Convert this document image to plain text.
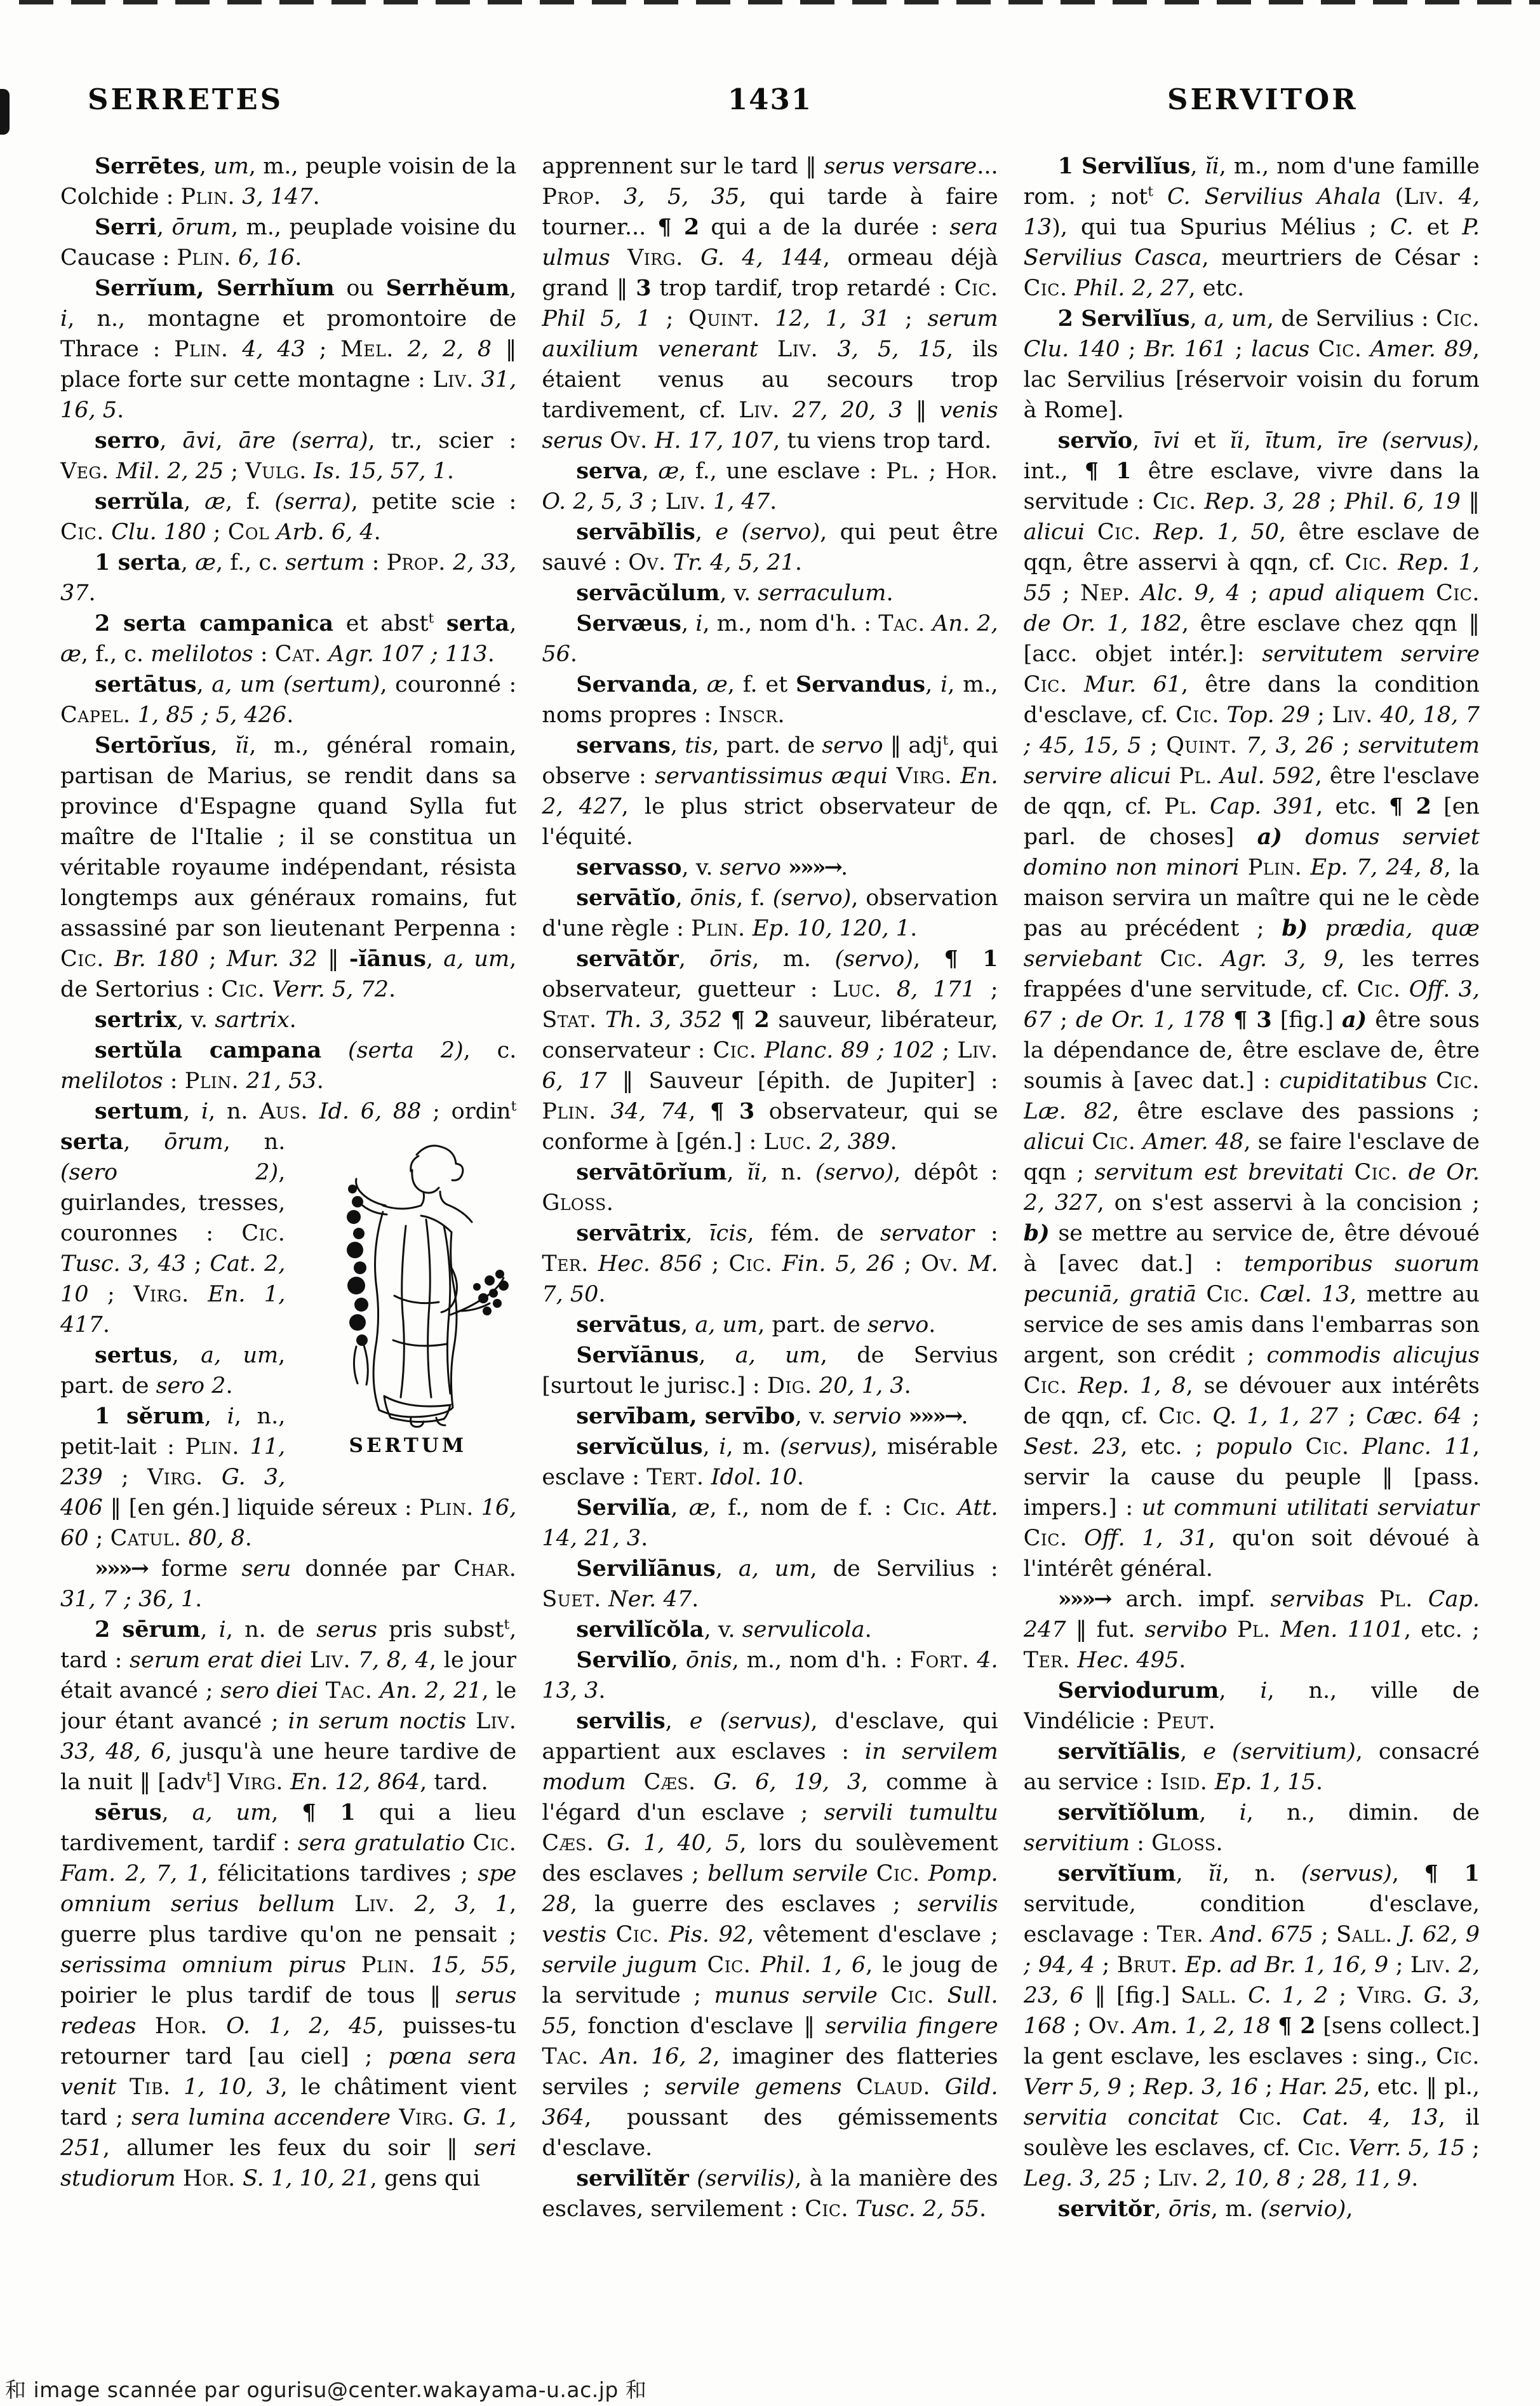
SERRETES	1431	SERVITOR

Serrētes, um, m., peuple voisin de la Colchide : Plin. 3, 147.

Serri, ōrum, m., peuplade voisine du Caucase : Plin. 6, 16.

Serrĭum, Serrhĭum ou Serrhĕum, i, n., montagne et promontoire de Thrace : Plin. 4, 43 ; Mel. 2, 2, 8 ‖ place forte sur cette montagne : Liv. 31, 16, 5.

serro, āvi, āre (serra), tr., scier : Veg. Mil. 2, 25 ; Vulg. Is. 15, 57, 1.

serrŭla, æ, f. (serra), petite scie : Cic. Clu. 180 ; Col Arb. 6, 4.

1 serta, æ, f., c. sertum : Prop. 2, 33, 37.

2 serta campanica et abst$^t$ serta, æ, f., c. melilotos : Cat. Agr. 107 ; 113.

sertātus, a, um (sertum), couronné : Capel. 1, 85 ; 5, 426.

Sertōrĭus, ĭi, m., général romain, partisan de Marius, se rendit dans sa province d'Espagne quand Sylla fut maître de l'Italie ; il se constitua un véritable royaume indépendant, résista longtemps aux généraux romains, fut assassiné par son lieutenant Perpenna : Cic. Br. 180 ; Mur. 32 ‖ -ĭānus, a, um, de Sertorius : Cic. Verr. 5, 72.

sertrix, v. sartrix.

sertŭla campana (serta 2), c. melilotos : Plin. 21, 53.

sertum, i, n. Aus. Id. 6, 88 ;
SERTUM
ordin$^t$ serta, ōrum, n. (sero 2), guirlandes, tresses, couronnes : Cic. Tusc. 3, 43 ; Cat. 2, 10 ; Virg. En. 1, 417.

sertus, a, um, part. de sero 2.

1 sĕrum, i, n., petit-lait : Plin. 11, 239 ; Virg. G. 3, 406 ‖ [en gén.] liquide séreux : Plin. 16, 60 ; Catul. 80, 8.

»»»→ forme seru donnée par Char. 31, 7 ; 36, 1.

2 sērum, i, n. de serus pris subst$^t$, tard : serum erat diei Liv. 7, 8, 4, le jour était avancé ; sero diei Tac. An. 2, 21, le jour étant avancé ; in serum noctis Liv. 33, 48, 6, jusqu'à une heure tardive de la nuit ‖ [adv$^t$] Virg. En. 12, 864, tard.

sērus, a, um, ¶ 1 qui a lieu tardivement, tardif : sera gratulatio Cic. Fam. 2, 7, 1, félicitations tardives ; spe omnium serius bellum Liv. 2, 3, 1, guerre plus tardive qu'on ne pensait ; serissima omnium pirus Plin. 15, 55, poirier le plus tardif de tous ‖ serus redeas Hor. O. 1, 2, 45, puisses-tu retourner tard [au ciel] ; pœna sera venit Tib. 1, 10, 3, le châtiment vient tard ; sera lumina accendere Virg. G. 1, 251, allumer les feux du soir ‖ seri studiorum Hor. S. 1, 10, 21, gens qui

apprennent sur le tard ‖ serus versare... Prop. 3, 5, 35, qui tarde à faire tourner... ¶ 2 qui a de la durée : sera ulmus Virg. G. 4, 144, ormeau déjà grand ‖ 3 trop tardif, trop retardé : Cic. Phil 5, 1 ; Quint. 12, 1, 31 ; serum auxilium venerant Liv. 3, 5, 15, ils étaient venus au secours trop tardivement, cf. Liv. 27, 20, 3 ‖ venis serus Ov. H. 17, 107, tu viens trop tard.

serva, æ, f., une esclave : Pl. ; Hor. O. 2, 5, 3 ; Liv. 1, 47.

servābĭlis, e (servo), qui peut être sauvé : Ov. Tr. 4, 5, 21.

servācŭlum, v. serraculum.

Servæus, i, m., nom d'h. : Tac. An. 2, 56.

Servanda, æ, f. et Servandus, i, m., noms propres : Inscr.

servans, tis, part. de servo ‖ adj$^t$, qui observe : servantissimus æqui Virg. En. 2, 427, le plus strict observateur de l'équité.

servasso, v. servo »»»→.

servātĭo, ōnis, f. (servo), observation d'une règle : Plin. Ep. 10, 120, 1.

servātŏr, ōris, m. (servo), ¶ 1 observateur, guetteur : Luc. 8, 171 ; Stat. Th. 3, 352 ¶ 2 sauveur, libérateur, conservateur : Cic. Planc. 89 ; 102 ; Liv. 6, 17 ‖ Sauveur [épith. de Jupiter] : Plin. 34, 74, ¶ 3 observateur, qui se conforme à [gén.] : Luc. 2, 389.

servātōrĭum, ĭi, n. (servo), dépôt : Gloss.

servātrix, īcis, fém. de servator : Ter. Hec. 856 ; Cic. Fin. 5, 26 ; Ov. M. 7, 50.

servātus, a, um, part. de servo.

Servĭānus, a, um, de Servius [surtout le jurisc.] : Dig. 20, 1, 3.

servībam, servībo, v. servio »»»→.

servĭcŭlus, i, m. (servus), misérable esclave : Tert. Idol. 10.

Servilĭa, æ, f., nom de f. : Cic. Att. 14, 21, 3.

Servilĭānus, a, um, de Servilius : Suet. Ner. 47.

servilĭcŏla, v. servulicola.

Servilĭo, ōnis, m., nom d'h. : Fort. 4. 13, 3.

servilis, e (servus), d'esclave, qui appartient aux esclaves : in servilem modum Cæs. G. 6, 19, 3, comme à l'égard d'un esclave ; servili tumultu Cæs. G. 1, 40, 5, lors du soulèvement des esclaves ; bellum servile Cic. Pomp. 28, la guerre des esclaves ; servilis vestis Cic. Pis. 92, vêtement d'esclave ; servile jugum Cic. Phil. 1, 6, le joug de la servitude ; munus servile Cic. Sull. 55, fonction d'esclave ‖ servilia fingere Tac. An. 16, 2, imaginer des flatteries serviles ; servile gemens Claud. Gild. 364, poussant des gémissements d'esclave.

servilĭtĕr (servilis), à la manière des esclaves, servilement : Cic. Tusc. 2, 55.

1 Servilĭus, ĭi, m., nom d'une famille rom. ; not$^t$ C. Servilius Ahala (Liv. 4, 13), qui tua Spurius Mélius ; C. et P. Servilius Casca, meurtriers de César : Cic. Phil. 2, 27, etc.

2 Servilĭus, a, um, de Servilius : Cic. Clu. 140 ; Br. 161 ; lacus Cic. Amer. 89, lac Servilius [réservoir voisin du forum à Rome].

servĭo, īvi et ĭi, ītum, īre (servus), int., ¶ 1 être esclave, vivre dans la servitude : Cic. Rep. 3, 28 ; Phil. 6, 19 ‖ alicui Cic. Rep. 1, 50, être esclave de qqn, être asservi à qqn, cf. Cic. Rep. 1, 55 ; Nep. Alc. 9, 4 ; apud aliquem Cic. de Or. 1, 182, être esclave chez qqn ‖ [acc. objet intér.]: servitutem servire Cic. Mur. 61, être dans la condition d'esclave, cf. Cic. Top. 29 ; Liv. 40, 18, 7 ; 45, 15, 5 ; Quint. 7, 3, 26 ; servitutem servire alicui Pl. Aul. 592, être l'esclave de qqn, cf. Pl. Cap. 391, etc. ¶ 2 [en parl. de choses] a) domus serviet domino non minori Plin. Ep. 7, 24, 8, la maison servira un maître qui ne le cède pas au précédent ; b) prædia, quæ serviebant Cic. Agr. 3, 9, les terres frappées d'une servitude, cf. Cic. Off. 3, 67 ; de Or. 1, 178 ¶ 3 [fig.] a) être sous la dépendance de, être esclave de, être soumis à [avec dat.] : cupiditatibus Cic. Læ. 82, être esclave des passions ; alicui Cic. Amer. 48, se faire l'esclave de qqn ; servitum est brevitati Cic. de Or. 2, 327, on s'est asservi à la concision ; b) se mettre au service de, être dévoué à [avec dat.] : temporibus suorum pecuniā, gratiā Cic. Cæl. 13, mettre au service de ses amis dans l'embarras son argent, son crédit ; commodis alicujus Cic. Rep. 1, 8, se dévouer aux intérêts de qqn, cf. Cic. Q. 1, 1, 27 ; Cæc. 64 ; Sest. 23, etc. ; populo Cic. Planc. 11, servir la cause du peuple ‖ [pass. impers.] : ut communi utilitati serviatur Cic. Off. 1, 31, qu'on soit dévoué à l'intérêt général.

»»»→ arch. impf. servibas Pl. Cap. 247 ‖ fut. servibo Pl. Men. 1101, etc. ; Ter. Hec. 495.

Serviodurum, i, n., ville de Vindélicie : Peut.

servĭtĭālis, e (servitium), consacré au service : Isid. Ep. 1, 15.

servĭtĭŏlum, i, n., dimin. de servitium : Gloss.

servĭtĭum, ĭi, n. (servus), ¶ 1 servitude, condition d'esclave, esclavage : Ter. And. 675 ; Sall. J. 62, 9 ; 94, 4 ; Brut. Ep. ad Br. 1, 16, 9 ; Liv. 2, 23, 6 ‖ [fig.] Sall. C. 1, 2 ; Virg. G. 3, 168 ; Ov. Am. 1, 2, 18 ¶ 2 [sens collect.] la gent esclave, les esclaves : sing., Cic. Verr 5, 9 ; Rep. 3, 16 ; Har. 25, etc. ‖ pl., servitia concitat Cic. Cat. 4, 13, il soulève les esclaves, cf. Cic. Verr. 5, 15 ; Leg. 3, 25 ; Liv. 2, 10, 8 ; 28, 11, 9.

servitŏr, ōris, m. (servio),

和 image scannée par ogurisu@center.wakayama-u.ac.jp 和
